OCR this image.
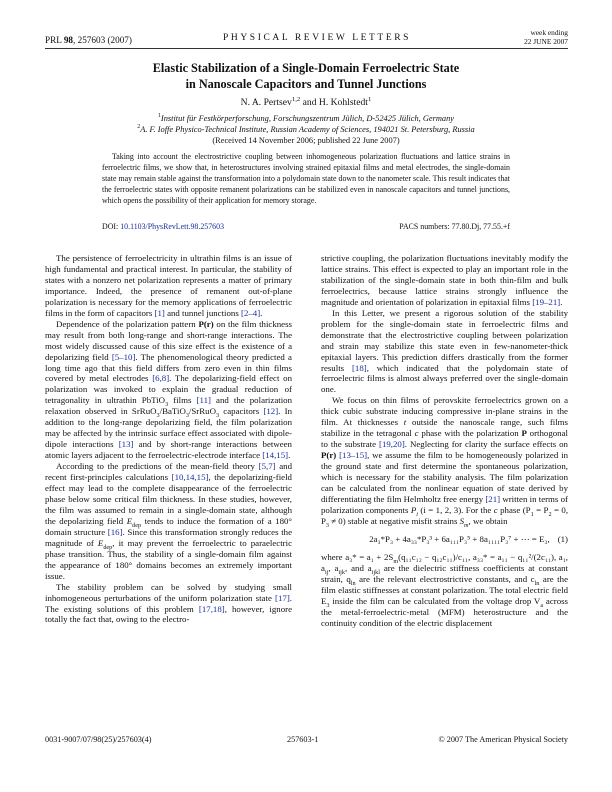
PRL 98, 257603 (2007)	PHYSICAL REVIEW LETTERS
week ending
22 JUNE 2007
Elastic Stabilization of a Single-Domain Ferroelectric State
in Nanoscale Capacitors and Tunnel Junctions
N. A. Pertsev$^{1,2}$ and H. Kohlstedt$^1$
$^1$Institut für Festkörperforschung, Forschungszentrum Jülich, D-52425 Jülich, Germany
$^2$A. F. Ioffe Physico-Technical Institute, Russian Academy of Sciences, 194021 St. Petersburg, Russia
(Received 14 November 2006; published 22 June 2007)
Taking into account the electrostrictive coupling between inhomogeneous polarization fluctuations and lattice strains in ferroelectric films, we show that, in heterostructures involving strained epitaxial films and metal electrodes, the single-domain state may remain stable against the transformation into a polydomain state down to the nanometer scale. This result indicates that the ferroelectric states with opposite remanent polarizations can be stabilized even in nanoscale capacitors and tunnel junctions, which opens the possibility of their application for memory storage.
DOI: 10.1103/PhysRevLett.98.257603	PACS numbers: 77.80.Dj, 77.55.+f

The persistence of ferroelectricity in ultrathin films is an issue of high fundamental and practical interest. In particular, the stability of states with a nonzero net polarization represents a matter of primary importance. Indeed, the presence of remanent out-of-plane polarization is necessary for the memory applications of ferroelectric films in the form of capacitors [1] and tunnel junctions [2–4].

Dependence of the polarization pattern P(r) on the film thickness may result from both long-range and short-range interactions. The most widely discussed cause of this size effect is the existence of a depolarizing field [5–10]. The phenomenological theory predicted a long time ago that this field differs from zero even in thin films covered by metal electrodes [6,8]. The depolarizing-field effect on polarization was invoked to explain the gradual reduction of tetragonality in ultrathin PbTiO$_3$ films [11] and the polarization relaxation observed in SrRuO$_3$/BaTiO$_3$/SrRuO$_3$ capacitors [12]. In addition to the long-range depolarizing field, the film polarization may be affected by the intrinsic surface effect associated with dipole-dipole interactions [13] and by short-range interactions between atomic layers adjacent to the ferroelectric-electrode interface [14,15].

According to the predictions of the mean-field theory [5,7] and recent first-principles calculations [10,14,15], the depolarizing-field effect may lead to the complete disappearance of the ferroelectric phase below some critical film thickness. In these studies, however, the film was assumed to remain in a single-domain state, although the depolarizing field $E_{dep}$ tends to induce the formation of a 180° domain structure [16]. Since this transformation strongly reduces the magnitude of $E_{dep}$, it may prevent the ferroelectric to paraelectric phase transition. Thus, the stability of a single-domain film against the appearance of 180° domains becomes an extremely important issue.

The stability problem can be solved by studying small inhomogeneous perturbations of the uniform polarization state [17]. The existing solutions of this problem [17,18], however, ignore totally the fact that, owing to the electro-

strictive coupling, the polarization fluctuations inevitably modify the lattice strains. This effect is expected to play an important role in the stabilization of the single-domain state in both thin-film and bulk ferroelectrics, because lattice strains strongly influence the magnitude and orientation of polarization in epitaxial films [19–21].

In this Letter, we present a rigorous solution of the stability problem for the single-domain state in ferroelectric films and demonstrate that the electrostrictive coupling between polarization and strain may stabilize this state even in few-nanometer-thick epitaxial layers. This prediction differs drastically from the former results [18], which indicated that the polydomain state of ferroelectric films is almost always preferred over the single-domain one.

We focus on thin films of perovskite ferroelectrics grown on a thick cubic substrate inducing compressive in-plane strains in the film. At thicknesses t outside the nanoscale range, such films stabilize in the tetragonal c phase with the polarization P orthogonal to the substrate [19,20]. Neglecting for clarity the surface effects on P(r) [13–15], we assume the film to be homogeneously polarized in the ground state and first determine the spontaneous polarization, which is necessary for the stability analysis. The film polarization can be calculated from the nonlinear equation of state derived by differentiating the film Helmholtz free energy [21] written in terms of polarization components $P_i$ (i = 1, 2, 3). For the c phase ($P_1 = P_2 = 0$, $P_3 \ne 0$) stable at negative misfit strains $S_m$, we obtain

2a₃*P₃ + 4a₃₃*P₃³ + 6a₁₁₁P₃⁵ + 8a₁₁₁₁P₃⁷ + ⋯ = E₃, (1)

where $a_3* = a_1 + 2S_m(q_{11}c_{12} - q_{12}c_{11})/c_{11}$, a₃₃* = a₁₁ − q₁₁²/(2c₁₁), a₁, $a_{ij}$, $a_{ijk}$, and $a_{ijkl}$ are the dielectric stiffness coefficients at constant strain, $q_{ln}$ are the relevant electrostrictive constants, and $c_{ln}$ are the film elastic stiffnesses at constant polarization. The total electric field $E_3$ inside the film can be calculated from the voltage drop $V_a$ across the metal-ferroelectric-metal (MFM) heterostructure and the continuity condition of the electric displacement

0031-9007/07/98(25)/257603(4)	257603-1	© 2007 The American Physical Society
